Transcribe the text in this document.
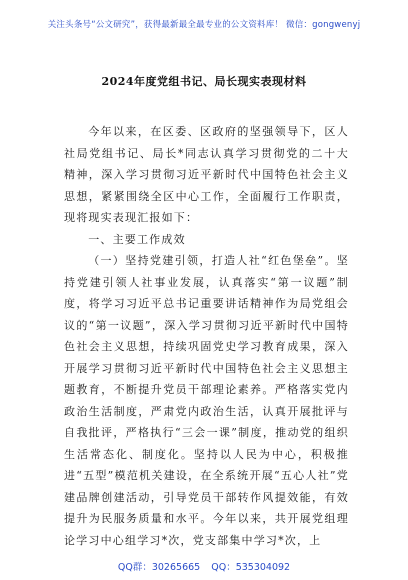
关注头条号“公文研究”，获得最新最全最专业的公文资料库！ 微信：gongwenyj
2024年度党组书记、局长现实表现材料

今年以来，在区委、区政府的坚强领导下，区人社局党组书记、局长*同志认真学习贯彻党的二十大精神，深入学习贯彻习近平新时代中国特色社会主义思想，紧紧围绕全区中心工作，全面履行工作职责，现将现实表现汇报如下：

一、主要工作成效

（一）坚持党建引领，打造人社“红色堡垒”。坚持党建引领人社事业发展，认真落实“第一议题”制度，将学习习近平总书记重要讲话精神作为局党组会议的“第一议题”，深入学习贯彻习近平新时代中国特色社会主义思想，持续巩固党史学习教育成果，深入开展学习贯彻习近平新时代中国特色社会主义思想主题教育，不断提升党员干部理论素养。严格落实党内政治生活制度，严肃党内政治生活，认真开展批评与自我批评，严格执行“三会一课”制度，推动党的组织生活常态化、制度化。坚持以人民为中心，积极推进“五型”模范机关建设，在全系统开展“五心人社”党建品牌创建活动，引导党员干部转作风提效能，有效提升为民服务质量和水平。今年以来，共开展党组理论学习中心组学习*次，党支部集中学习*次，上

QQ群：30265665 QQ：535304092
